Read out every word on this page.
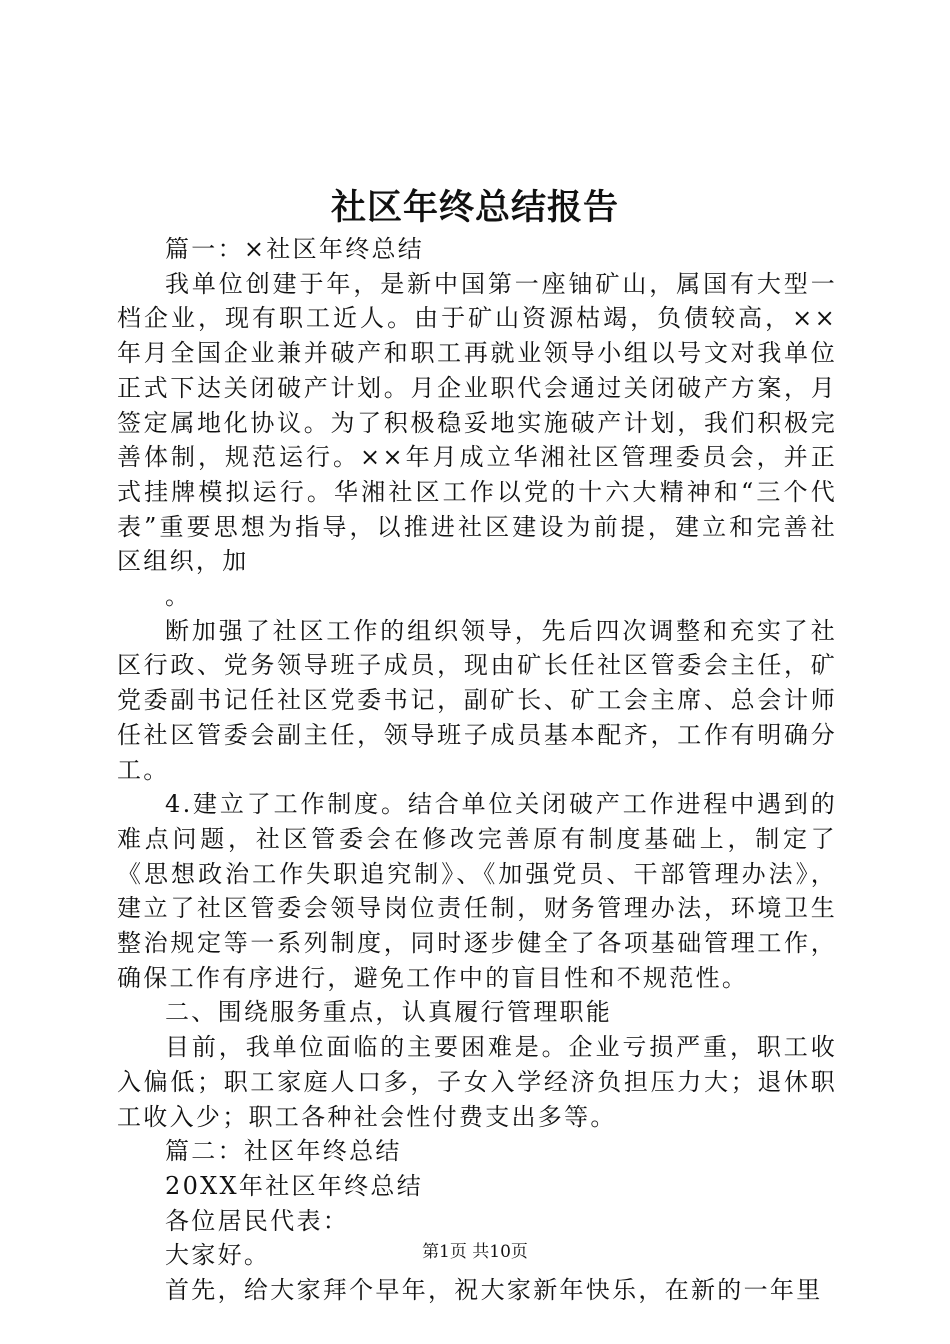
社区年终总结报告

篇一：×社区年终总结

我单位创建于年，是新中国第一座铀矿山，属国有大型一档企业，现有职工近人。由于矿山资源枯竭，负债较高，××年月全国企业兼并破产和职工再就业领导小组以号文对我单位正式下达关闭破产计划。月企业职代会通过关闭破产方案，月签定属地化协议。为了积极稳妥地实施破产计划，我们积极完善体制，规范运行。××年月成立华湘社区管理委员会，并正式挂牌模拟运行。华湘社区工作以党的十六大精神和“三个代表”重要思想为指导，以推进社区建设为前提，建立和完善社区组织，加

。

断加强了社区工作的组织领导，先后四次调整和充实了社区行政、党务领导班子成员，现由矿长任社区管委会主任，矿党委副书记任社区党委书记，副矿长、矿工会主席、总会计师任社区管委会副主任，领导班子成员基本配齐，工作有明确分工。

4.建立了工作制度。结合单位关闭破产工作进程中遇到的难点问题，社区管委会在修改完善原有制度基础上，制定了《思想政治工作失职追究制》、《加强党员、干部管理办法》，建立了社区管委会领导岗位责任制，财务管理办法，环境卫生整治规定等一系列制度，同时逐步健全了各项基础管理工作，确保工作有序进行，避免工作中的盲目性和不规范性。

二、围绕服务重点，认真履行管理职能

目前，我单位面临的主要困难是。企业亏损严重，职工收入偏低；职工家庭人口多，子女入学经济负担压力大；退休职工收入少；职工各种社会性付费支出多等。

篇二：社区年终总结

20XX年社区年终总结

各位居民代表：

大家好。

首先，给大家拜个早年，祝大家新年快乐，在新的一年里

第1页 共10页
